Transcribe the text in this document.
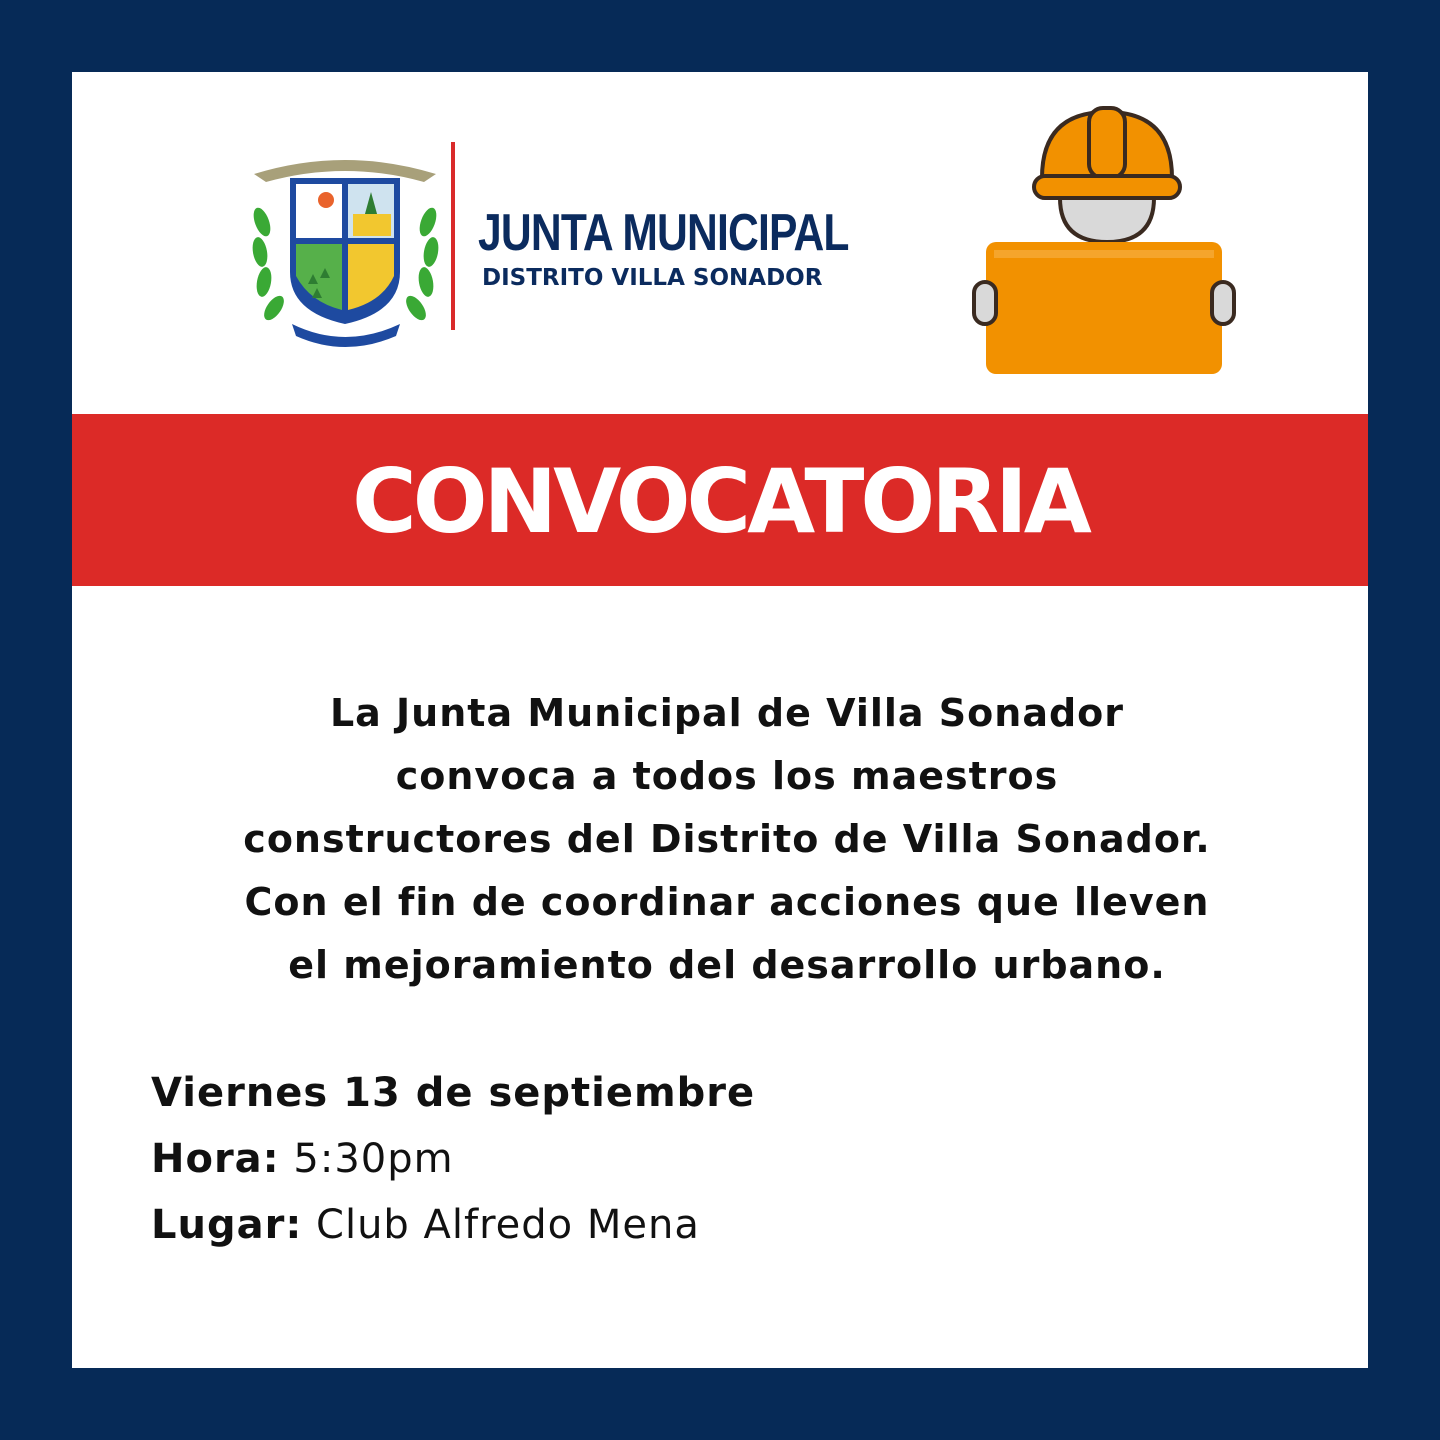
JUNTA MUNICIPAL
DISTRITO VILLA SONADOR
CONVOCATORIA
La Junta Municipal de Villa Sonador
convoca a todos los maestros
constructores del Distrito de Villa Sonador.
Con el fin de coordinar acciones que lleven
el mejoramiento del desarrollo urbano.
Viernes 13 de septiembre
Hora: 5:30pm
Lugar: Club Alfredo Mena
